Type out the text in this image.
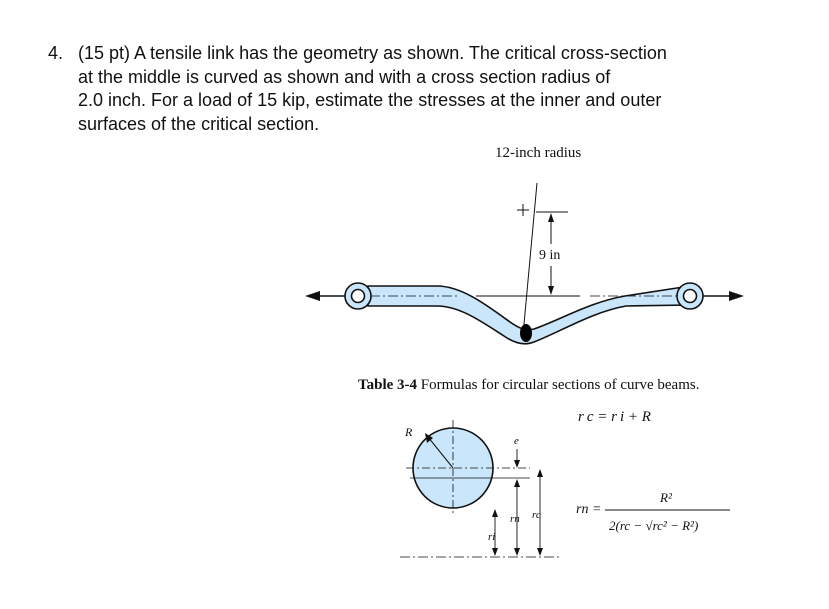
4. (15 pt) A tensile link has the geometry as shown. The critical cross-section
at the middle is curved as shown and with a cross section radius of
2.0 inch. For a load of 15 kip, estimate the stresses at the inner and outer
surfaces of the critical section.
12-inch radius
9 in
R
e
rn rc
ri
r c = r i + R
rn =
R²
2(rc − √rc² − R²)
Table 3-4 Formulas for circular sections of curve beams.
